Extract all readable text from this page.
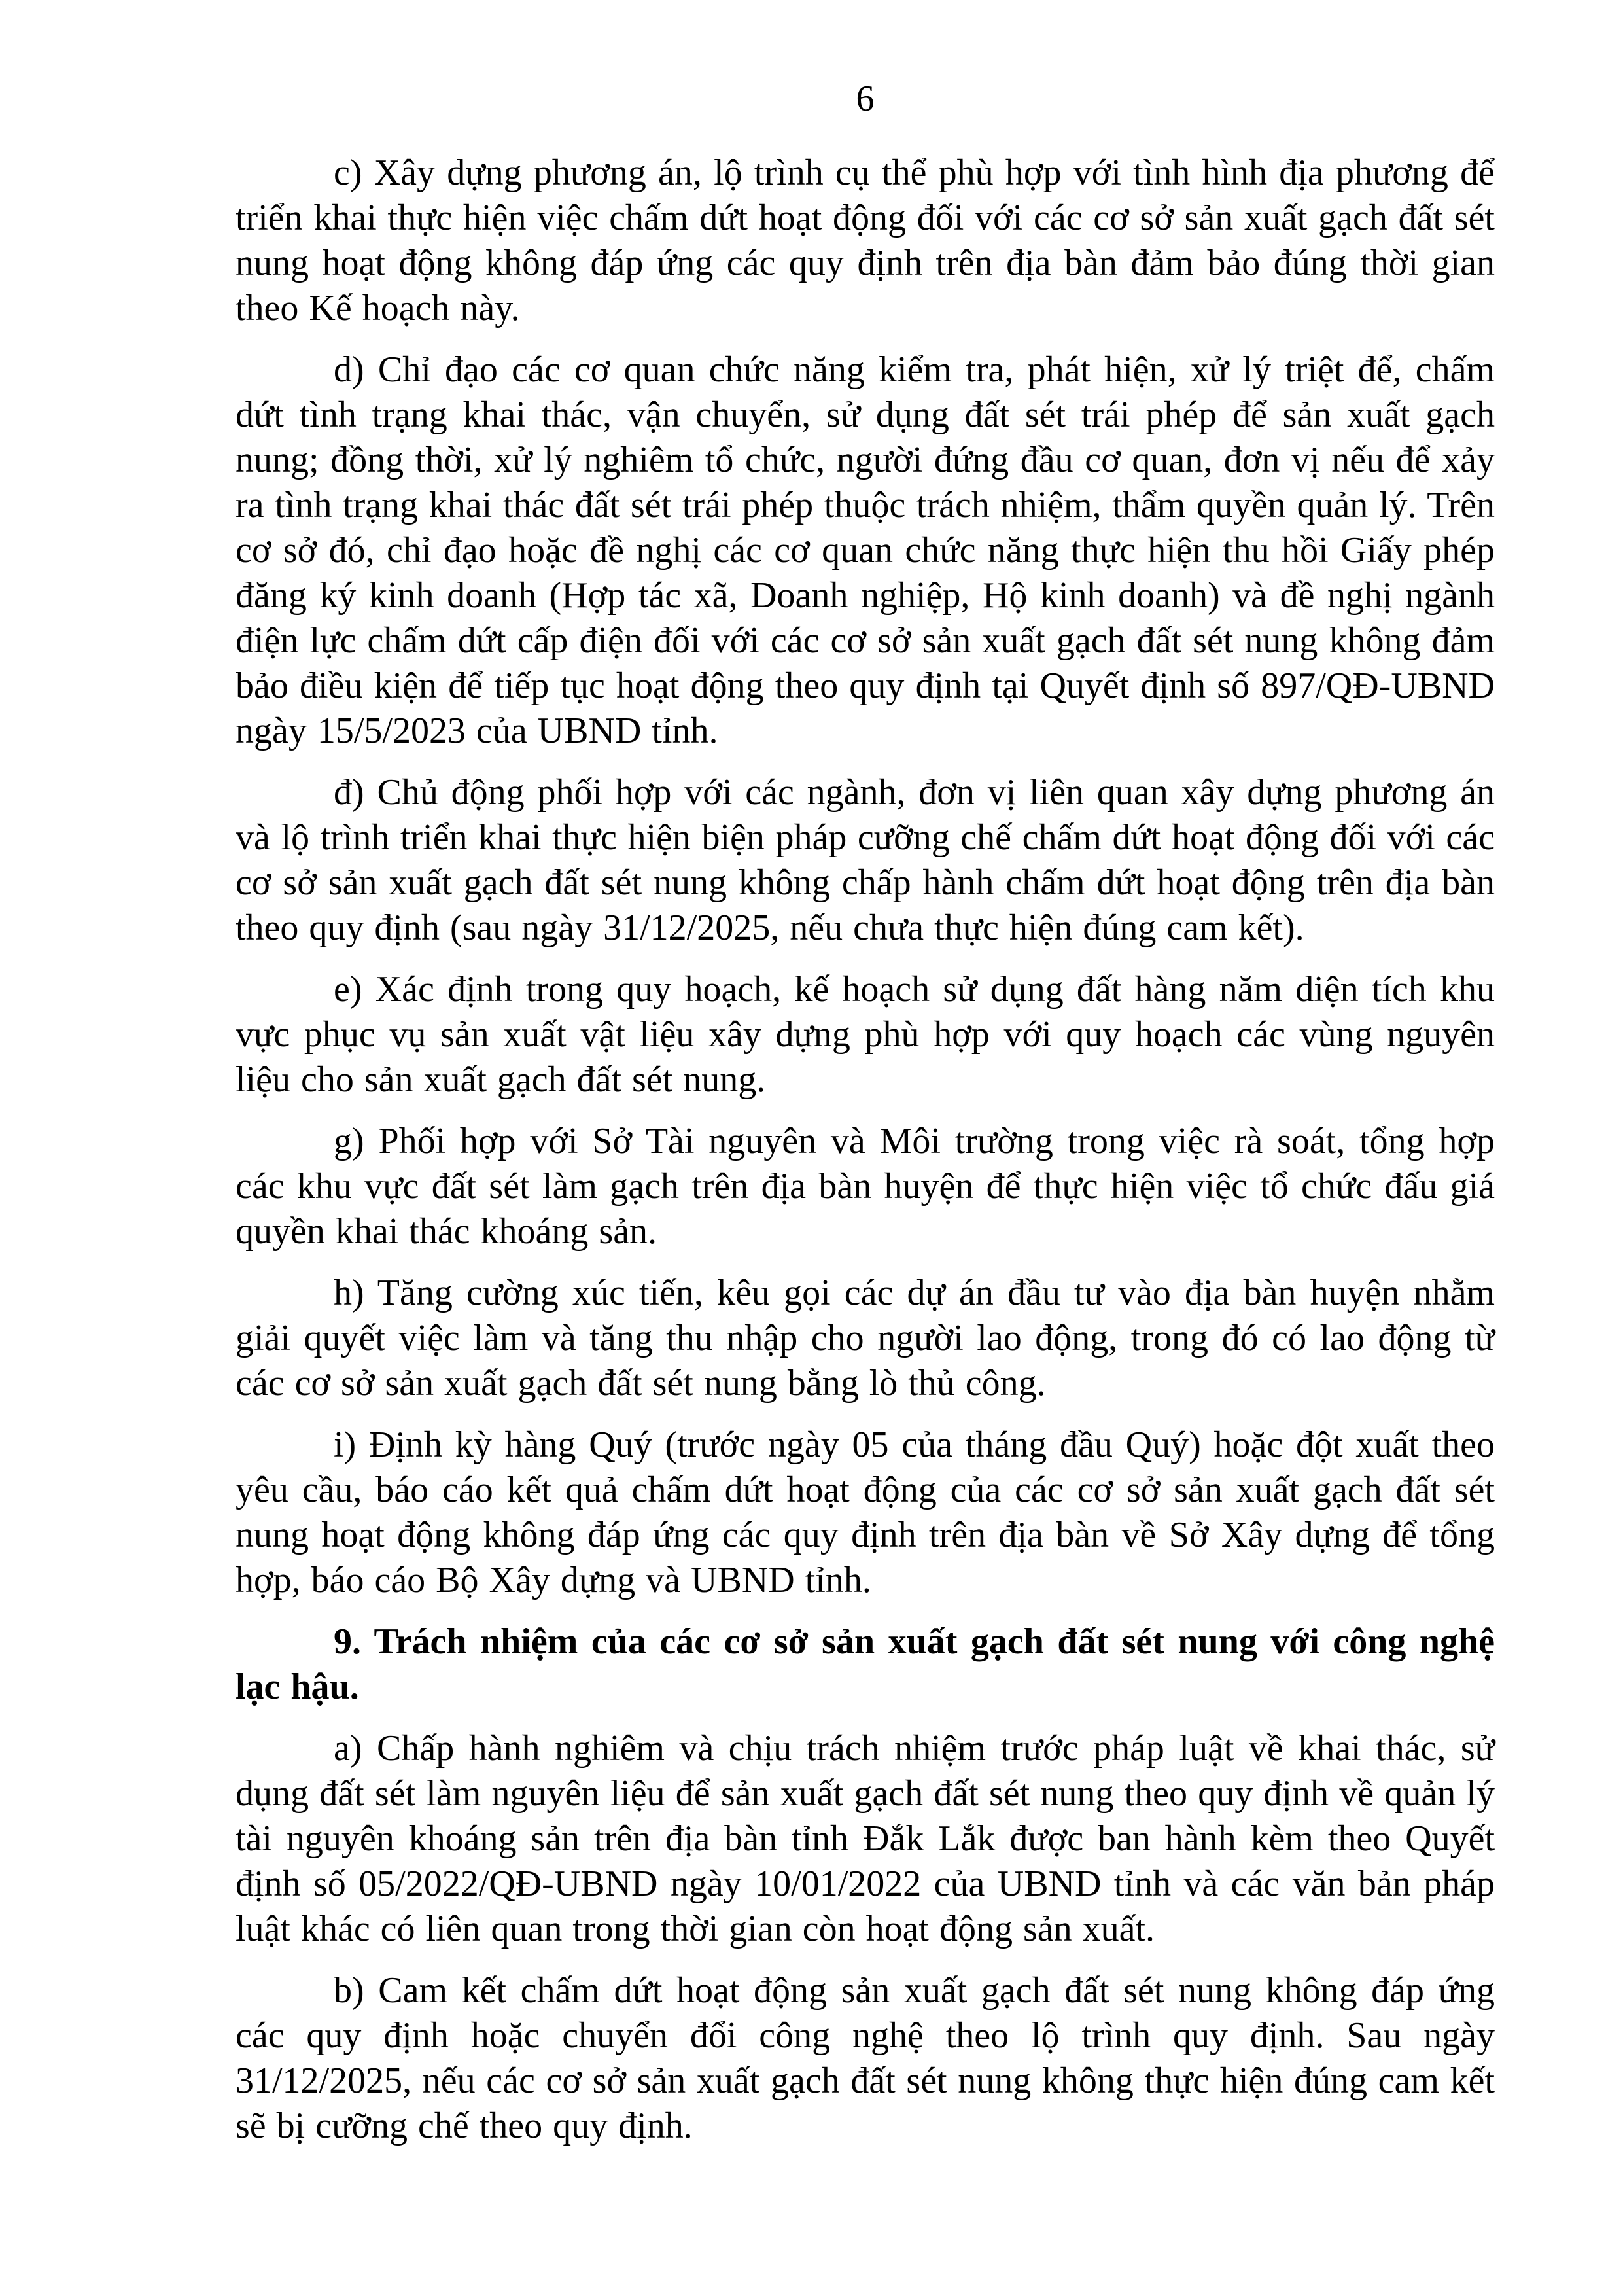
6

c) Xây dựng phương án, lộ trình cụ thể phù hợp với tình hình địa phương để triển khai thực hiện việc chấm dứt hoạt động đối với các cơ sở sản xuất gạch đất sét nung hoạt động không đáp ứng các quy định trên địa bàn đảm bảo đúng thời gian theo Kế hoạch này.

d) Chỉ đạo các cơ quan chức năng kiểm tra, phát hiện, xử lý triệt để, chấm dứt tình trạng khai thác, vận chuyển, sử dụng đất sét trái phép để sản xuất gạch nung; đồng thời, xử lý nghiêm tổ chức, người đứng đầu cơ quan, đơn vị nếu để xảy ra tình trạng khai thác đất sét trái phép thuộc trách nhiệm, thẩm quyền quản lý. Trên cơ sở đó, chỉ đạo hoặc đề nghị các cơ quan chức năng thực hiện thu hồi Giấy phép đăng ký kinh doanh (Hợp tác xã, Doanh nghiệp, Hộ kinh doanh) và đề nghị ngành điện lực chấm dứt cấp điện đối với các cơ sở sản xuất gạch đất sét nung không đảm bảo điều kiện để tiếp tục hoạt động theo quy định tại Quyết định số 897/QĐ-UBND ngày 15/5/2023 của UBND tỉnh.

đ) Chủ động phối hợp với các ngành, đơn vị liên quan xây dựng phương án và lộ trình triển khai thực hiện biện pháp cưỡng chế chấm dứt hoạt động đối với các cơ sở sản xuất gạch đất sét nung không chấp hành chấm dứt hoạt động trên địa bàn theo quy định (sau ngày 31/12/2025, nếu chưa thực hiện đúng cam kết).

e) Xác định trong quy hoạch, kế hoạch sử dụng đất hàng năm diện tích khu vực phục vụ sản xuất vật liệu xây dựng phù hợp với quy hoạch các vùng nguyên liệu cho sản xuất gạch đất sét nung.

g) Phối hợp với Sở Tài nguyên và Môi trường trong việc rà soát, tổng hợp các khu vực đất sét làm gạch trên địa bàn huyện để thực hiện việc tổ chức đấu giá quyền khai thác khoáng sản.

h) Tăng cường xúc tiến, kêu gọi các dự án đầu tư vào địa bàn huyện nhằm giải quyết việc làm và tăng thu nhập cho người lao động, trong đó có lao động từ các cơ sở sản xuất gạch đất sét nung bằng lò thủ công.

i) Định kỳ hàng Quý (trước ngày 05 của tháng đầu Quý) hoặc đột xuất theo yêu cầu, báo cáo kết quả chấm dứt hoạt động của các cơ sở sản xuất gạch đất sét nung hoạt động không đáp ứng các quy định trên địa bàn về Sở Xây dựng để tổng hợp, báo cáo Bộ Xây dựng và UBND tỉnh.

9. Trách nhiệm của các cơ sở sản xuất gạch đất sét nung với công nghệ lạc hậu.

a) Chấp hành nghiêm và chịu trách nhiệm trước pháp luật về khai thác, sử dụng đất sét làm nguyên liệu để sản xuất gạch đất sét nung theo quy định về quản lý tài nguyên khoáng sản trên địa bàn tỉnh Đắk Lắk được ban hành kèm theo Quyết định số 05/2022/QĐ-UBND ngày 10/01/2022 của UBND tỉnh và các văn bản pháp luật khác có liên quan trong thời gian còn hoạt động sản xuất.

b) Cam kết chấm dứt hoạt động sản xuất gạch đất sét nung không đáp ứng các quy định hoặc chuyển đổi công nghệ theo lộ trình quy định. Sau ngày 31/12/2025, nếu các cơ sở sản xuất gạch đất sét nung không thực hiện đúng cam kết sẽ bị cưỡng chế theo quy định.
